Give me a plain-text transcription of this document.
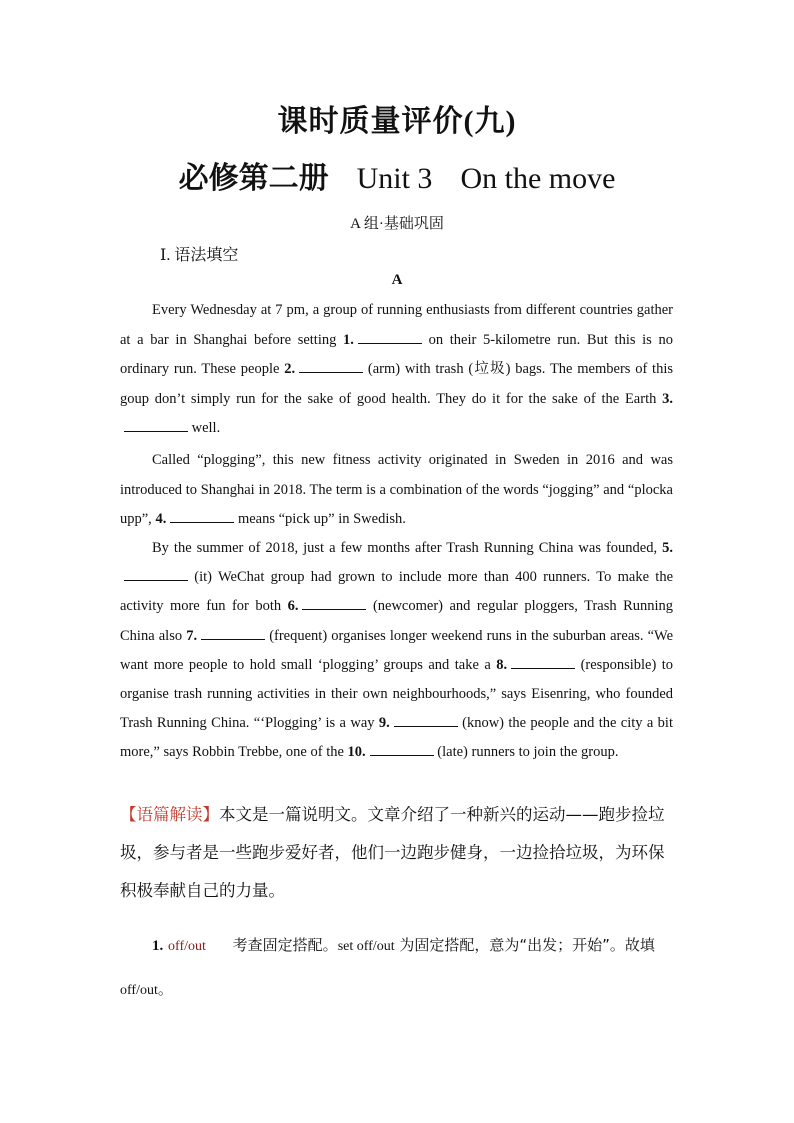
课时质量评价(九)
必修第二册 Unit 3 On the move
A 组·基础巩固
Ⅰ. 语法填空
A
Every Wednesday at 7 pm, a group of running enthusiasts from different countries gather at a bar in Shanghai before setting 1.	on their 5-kilometre run. But this is no ordinary run. These people 2.	(arm) with trash (垃圾) bags. The members of this goup don’t simply run for the sake of good health. They do it for the sake of the Earth 3. well.
Called “plogging”, this new fitness activity originated in Sweden in 2016 and was introduced to Shanghai in 2018. The term is a combination of the words “jogging” and “plocka upp”, 4.	means “pick up” in Swedish.
By the summer of 2018, just a few months after Trash Running China was founded, 5. (it) WeChat group had grown to include more than 400 runners. To make the activity more fun for both 6.	(newcomer) and regular ploggers, Trash Running China also 7.	(frequent) organises longer weekend runs in the suburban areas. “We want more people to hold small ‘plogging’ groups and take a 8.	(responsible) to organise trash running activities in their own neighbourhoods,” says Eisenring, who founded Trash Running China. “‘Plogging’ is a way 9.	(know) the people and the city a bit more,” says Robbin Trebbe, one of the 10.	(late) runners to join the group.
【语篇解读】本文是一篇说明文。文章介绍了一种新兴的运动——跑步捡垃圾，参与者是一些跑步爱好者，他们一边跑步健身，一边捡拾垃圾，为环保积极奉献自己的力量。
1. off/out 考查固定搭配。set off/out 为固定搭配，意为“出发；开始”。故填 off/out。
